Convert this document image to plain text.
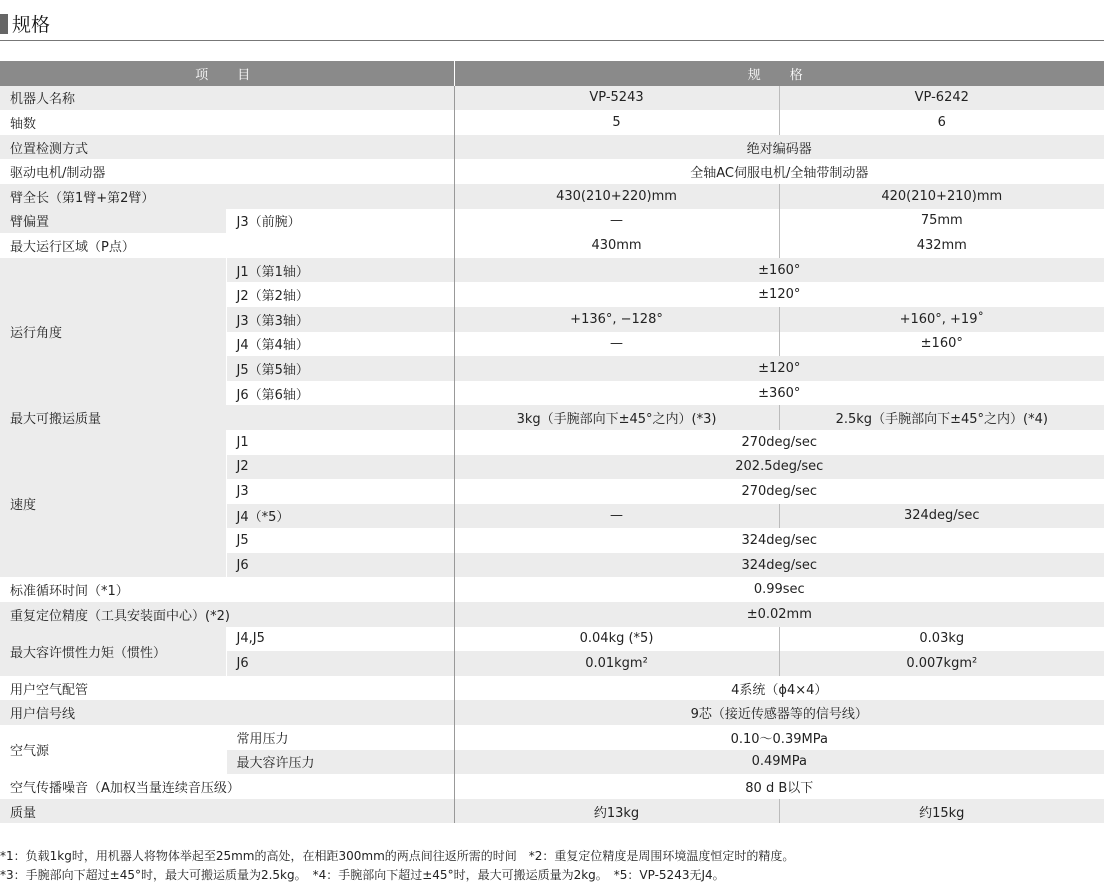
规格
项　目		规　格	
机器人名称		VP-5243	VP-6242
轴数		5	6
位置检测方式		绝对编码器	
驱动电机/制动器		全轴AC伺服电机/全轴带制动器	
臂全长（第1臂+第2臂）		430(210+220)mm	420(210+210)mm
臂偏置	J3（前腕）	—	75mm
最大运行区域（P点）		430mm	432mm
运行角度	J1（第1轴）	±160°	
	J2（第2轴）	±120°	
	J3（第3轴）	+136°, −128°	+160°, +19˚
	J4（第4轴）	—	±160°
	J5（第5轴）	±120°	
	J6（第6轴）	±360°	
最大可搬运质量		3kg（手腕部向下±45°之内）(*3)	2.5kg（手腕部向下±45°之内）(*4)
速度	J1	270deg/sec	
	J2	202.5deg/sec	
	J3	270deg/sec	
	J4（*5）	—	324deg/sec
	J5	324deg/sec	
	J6	324deg/sec	
标准循环时间（*1）		0.99sec	
重复定位精度（工具安装面中心）(*2)		±0.02mm	
最大容许惯性力矩（惯性）	J4,J5	0.04kg (*5)	0.03kg
	J6	0.01kgm²	0.007kgm²
用户空气配管		4系统（ϕ4×4）	
用户信号线		9芯（接近传感器等的信号线）	
空气源	常用压力	0.10〜0.39MPa	
	最大容许压力	0.49MPa	
空气传播噪音（A加权当量连续音压级）		80 d B以下	
质量		约13kg	约15kg
*1：负载1kg时，用机器人将物体举起至25mm的高处，在相距300mm的两点间往返所需的时间　*2：重复定位精度是周围环境温度恒定时的精度。
*3：手腕部向下超过±45°时，最大可搬运质量为2.5kg。　*4：手腕部向下超过±45°时，最大可搬运质量为2kg。　*5：VP-5243无J4。
